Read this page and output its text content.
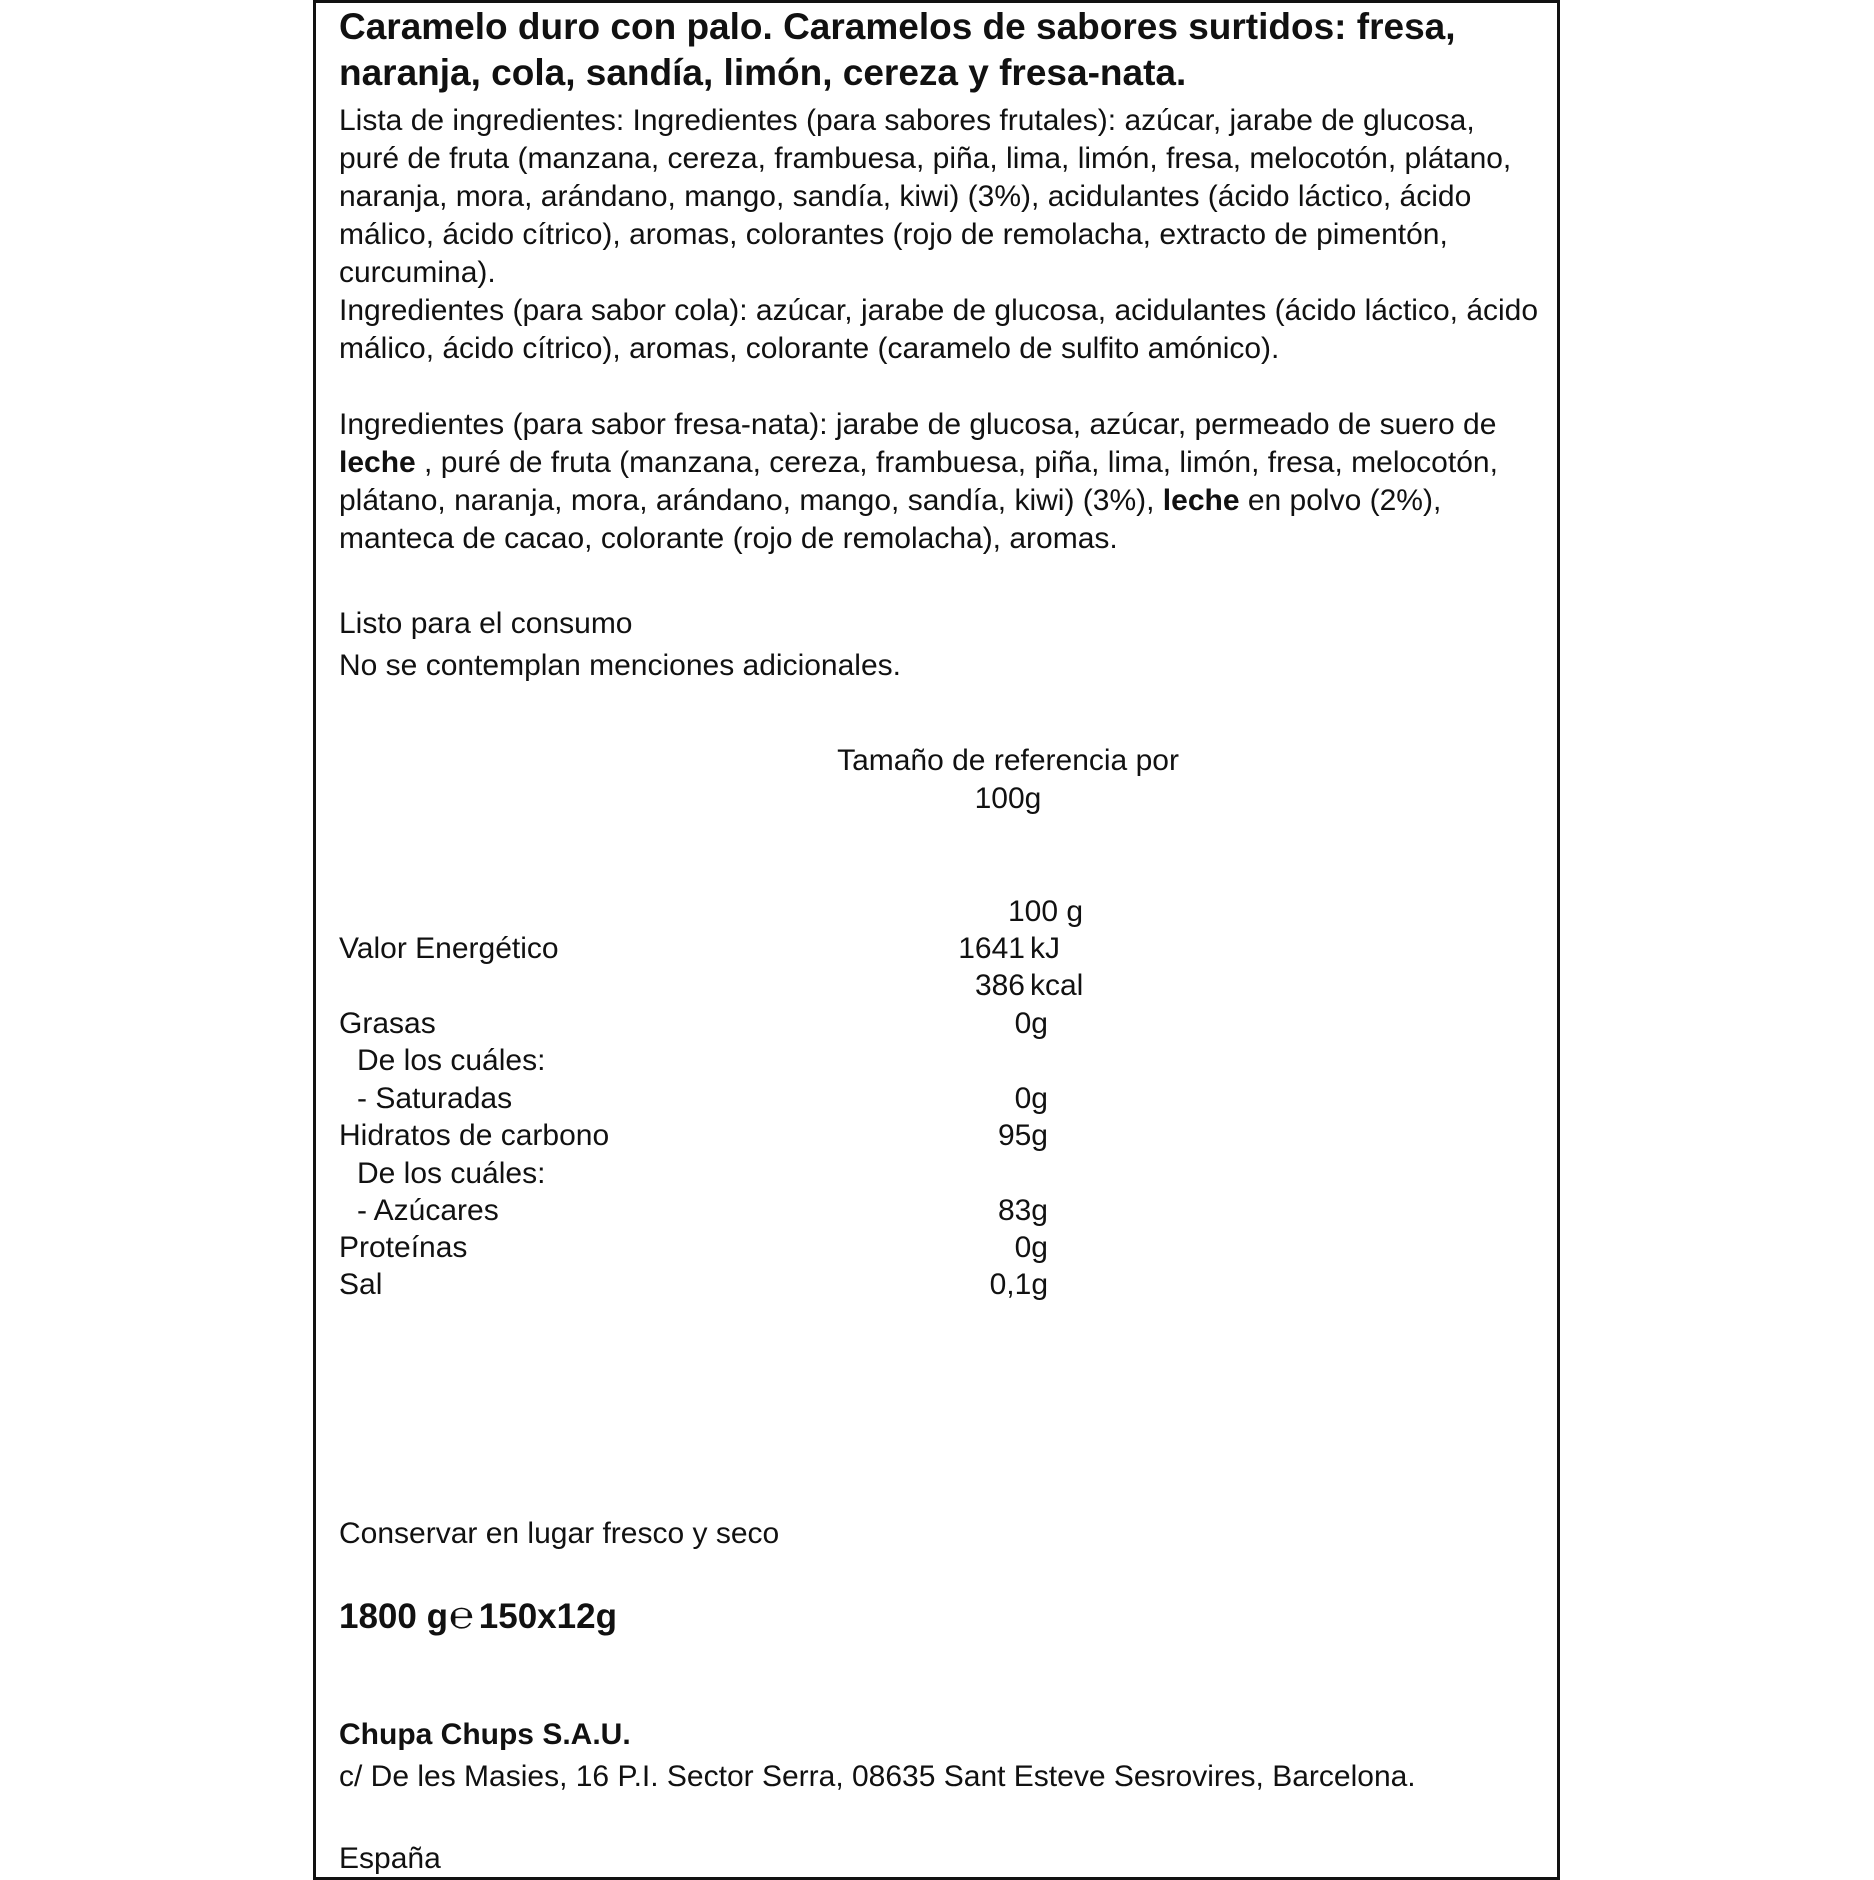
Caramelo duro con palo. Caramelos de sabores surtidos: fresa, naranja, cola, sandía, limón, cereza y fresa-nata.
Lista de ingredientes: Ingredientes (para sabores frutales): azúcar, jarabe de glucosa, puré de fruta (manzana, cereza, frambuesa, piña, lima, limón, fresa, melocotón, plátano, naranja, mora, arándano, mango, sandía, kiwi) (3%), acidulantes (ácido láctico, ácido málico, ácido cítrico), aromas, colorantes (rojo de remolacha, extracto de pimentón, curcumina).
Ingredientes (para sabor cola): azúcar, jarabe de glucosa, acidulantes (ácido láctico, ácido málico, ácido cítrico), aromas, colorante (caramelo de sulfito amónico).
Ingredientes (para sabor fresa-nata): jarabe de glucosa, azúcar, permeado de suero de leche , puré de fruta (manzana, cereza, frambuesa, piña, lima, limón, fresa, melocotón, plátano, naranja, mora, arándano, mango, sandía, kiwi) (3%), leche en polvo (2%), manteca de cacao, colorante (rojo de remolacha), aromas.
Listo para el consumo
No se contemplan menciones adicionales.
Tamaño de referencia por
100g
100 g
Valor Energético	1641 kJ
386 kcal
Grasas	0g
De los cuáles:
- Saturadas	0g
Hidratos de carbono	95g
De los cuáles:
- Azúcares	83g
Proteínas	0g
Sal	0,1g
Conservar en lugar fresco y seco
1800 g℮ 150x12g
Chupa Chups S.A.U.
c/ De les Masies, 16 P.I. Sector Serra, 08635 Sant Esteve Sesrovires, Barcelona.
España
